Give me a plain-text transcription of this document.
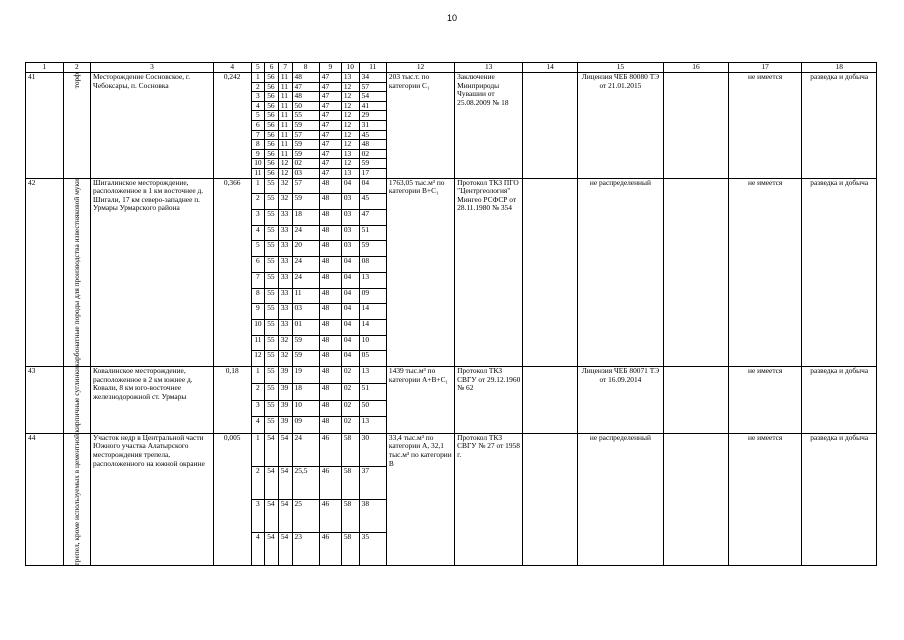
10
1	2	3	4	5	6	7	8	9	10	11	12	13	14	15	16	17	18
41	торф	Месторождение Сосновское, г. Чебоксары, п. Сосновка	0,242	1	56	11	48	47	13	34	203 тыс.т. по категории С₁	Заключение Минприроды Чувашии от 25.08.2009 № 18		Лицензия ЧЕБ 80080 ТЭ от 21.01.2015		не имеется	разведка и добыча
				2	56	11	47	47	12	57							
				3	56	11	48	47	12	54							
				4	56	11	50	47	12	41							
				5	56	11	55	47	12	29							
				6	56	11	59	47	12	31							
				7	56	11	57	47	12	45							
				8	56	11	59	47	12	48							
				9	56	11	59	47	13	02							
				10	56	12	02	47	12	59							
				11	56	12	03	47	13	17							
42	карбонатные породы для производства известняковой муки	Шигалинское месторождение, расположенное в 1 км восточнее д. Шигали, 17 км северо-западнее п. Урмары Урмарского района	0,366	1	55	32	57	48	04	04	1763,05 тыс.м³ по категории В+С₁	Протокол ТКЗ ПГО "Центргеология" Мингео РСФСР от 28.11.1980 № 354		не распределенный		не имеется	разведка и добыча
				2	55	32	59	48	03	45							
				3	55	33	18	48	03	47							
				4	55	33	24	48	03	51							
				5	55	33	20	48	03	59							
				6	55	33	24	48	04	08							
				7	55	33	24	48	04	13							
				8	55	33	11	48	04	09							
				9	55	33	03	48	04	14							
				10	55	33	01	48	04	14							
				11	55	32	59	48	04	10							
				12	55	32	59	48	04	05							
43	кирпичные суглинки	Ковалинское месторождение, расположенное в 2 км южнее д. Ковали, 8 км юго-восточнее железнодорожной ст. Урмары	0,18	1	55	39	19	48	02	13	1439 тыс.м³ по категории А+В+С₁	Протокол ТКЗ СВГУ от 29.12.1960 № 62		Лицензия ЧЕБ 80071 ТЭ от 16.09.2014		не имеется	разведка и добыча
				2	55	39	18	48	02	51							
				3	55	39	10	48	02	50							
				4	55	39	09	48	02	13							
44	трепел, кроме используемых в цементной	Участок недр в Центральной части Южного участка Алатырского месторождения трепела, расположенного на южной окраине	0,005	1	54	54	24	46	58	30	33,4 тыс.м³ по категории А, 32,1 тыс.м³ по категории В	Протокол ТКЗ СВГУ № 27 от 1958 г.		не распределенный		не имеется	разведка и добыча
				2	54	54	25,5	46	58	37							
				3	54	54	25	46	58	38							
				4	54	54	23	46	58	35							
